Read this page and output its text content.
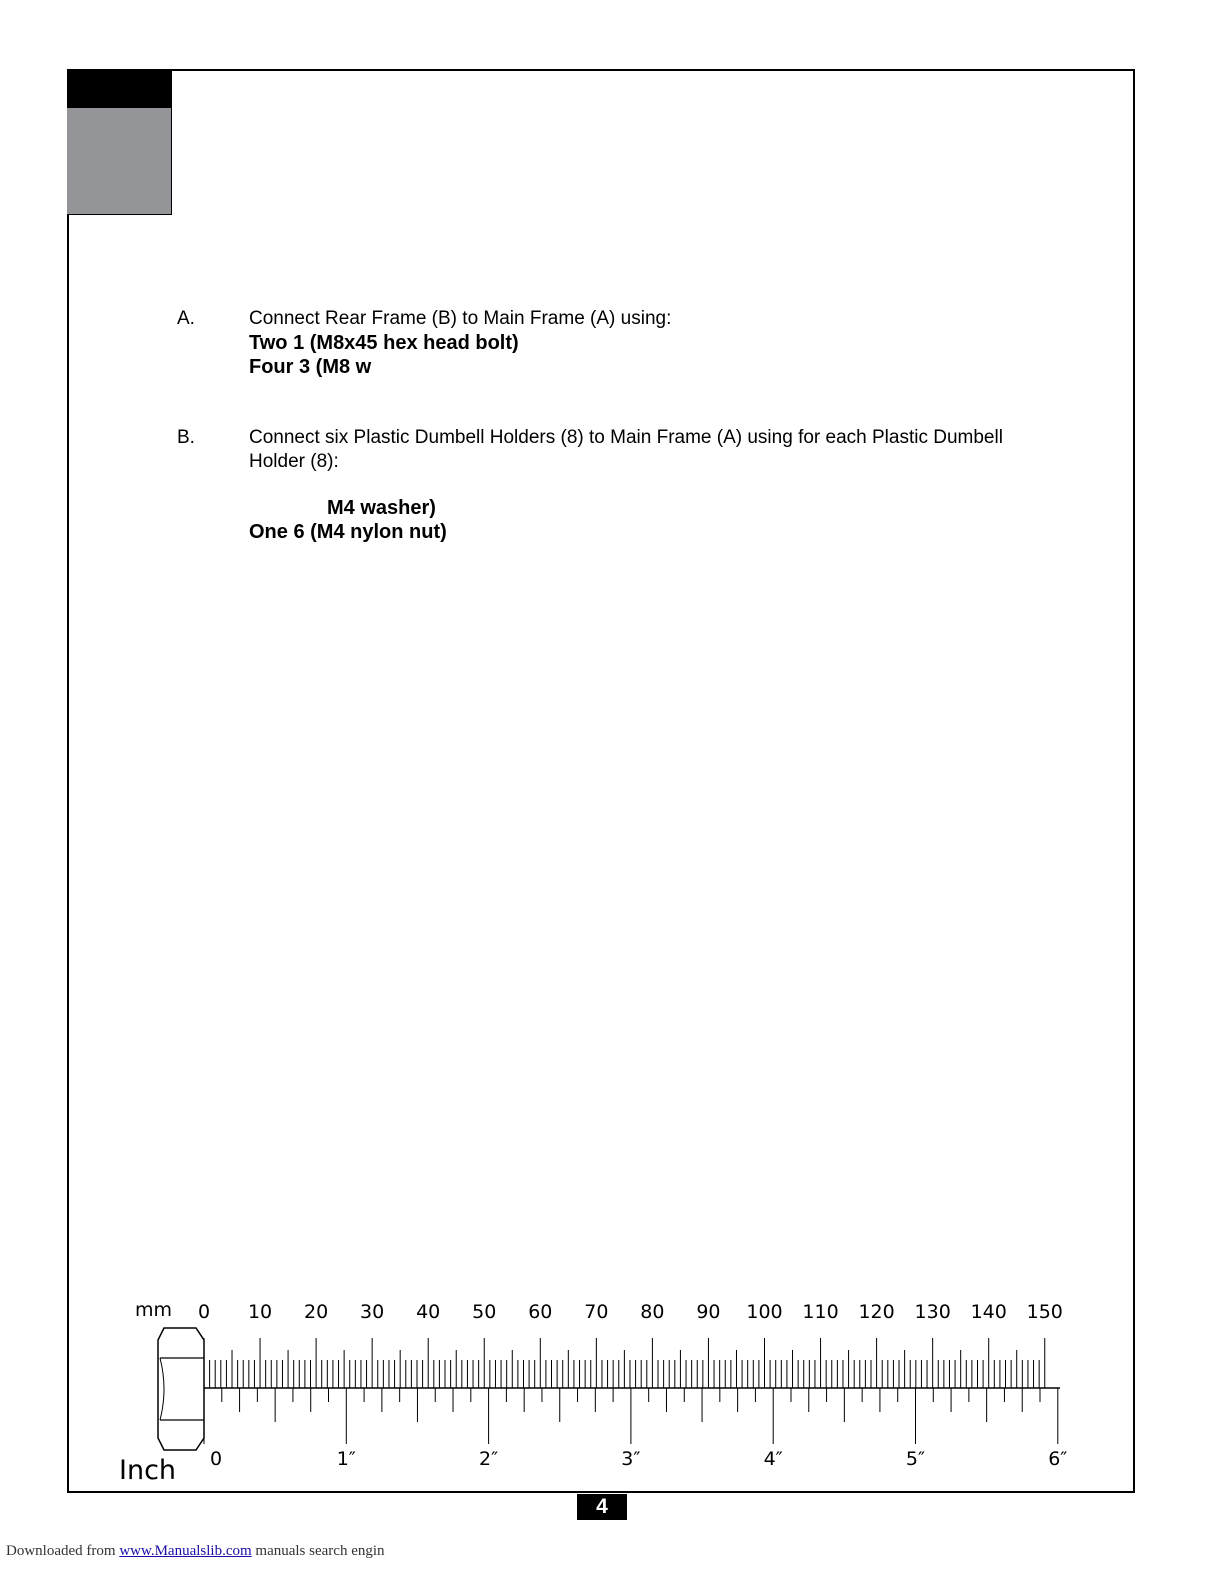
A.	Connect Rear Frame (B) to Main Frame (A) using:
Two 1 (M8x45 hex head bolt)
Four 3 (M8 w
B.	Connect six Plastic Dumbell Holders (8) to Main Frame (A) using for each Plastic Dumbell
Holder (8):
M4 washer)
One 6 (M4 nylon nut)
mm
Inch
0 10 20 30 40 50 60 70 80 90 100 110 120 130 140 150
0	1″	2″	3″	4″	5″	6″
4
Downloaded from www.Manualslib.com manuals search engin
